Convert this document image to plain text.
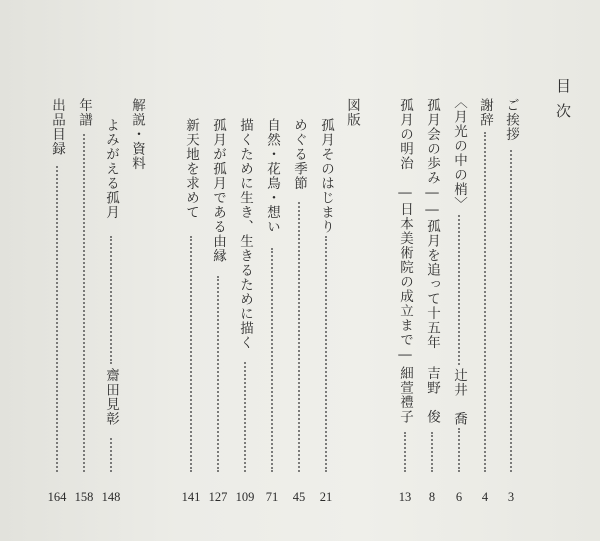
目次
ご挨拶
3
謝辞
4
〈月光の中の梢〉
辻井　喬
6
孤月会の歩み――孤月を追って十五年
吉野　俊
8
孤月の明治　―日本美術院の成立まで―
細萱禮子
13
図版
孤月そのはじまり
21
めぐる季節
45
自然・花鳥・想い
71
描くために生き、生きるために描く
109
孤月が孤月である由縁
127
新天地を求めて
141
解説・資料
よみがえる孤月
齋田見彰
148
年譜
158
出品目録
164
